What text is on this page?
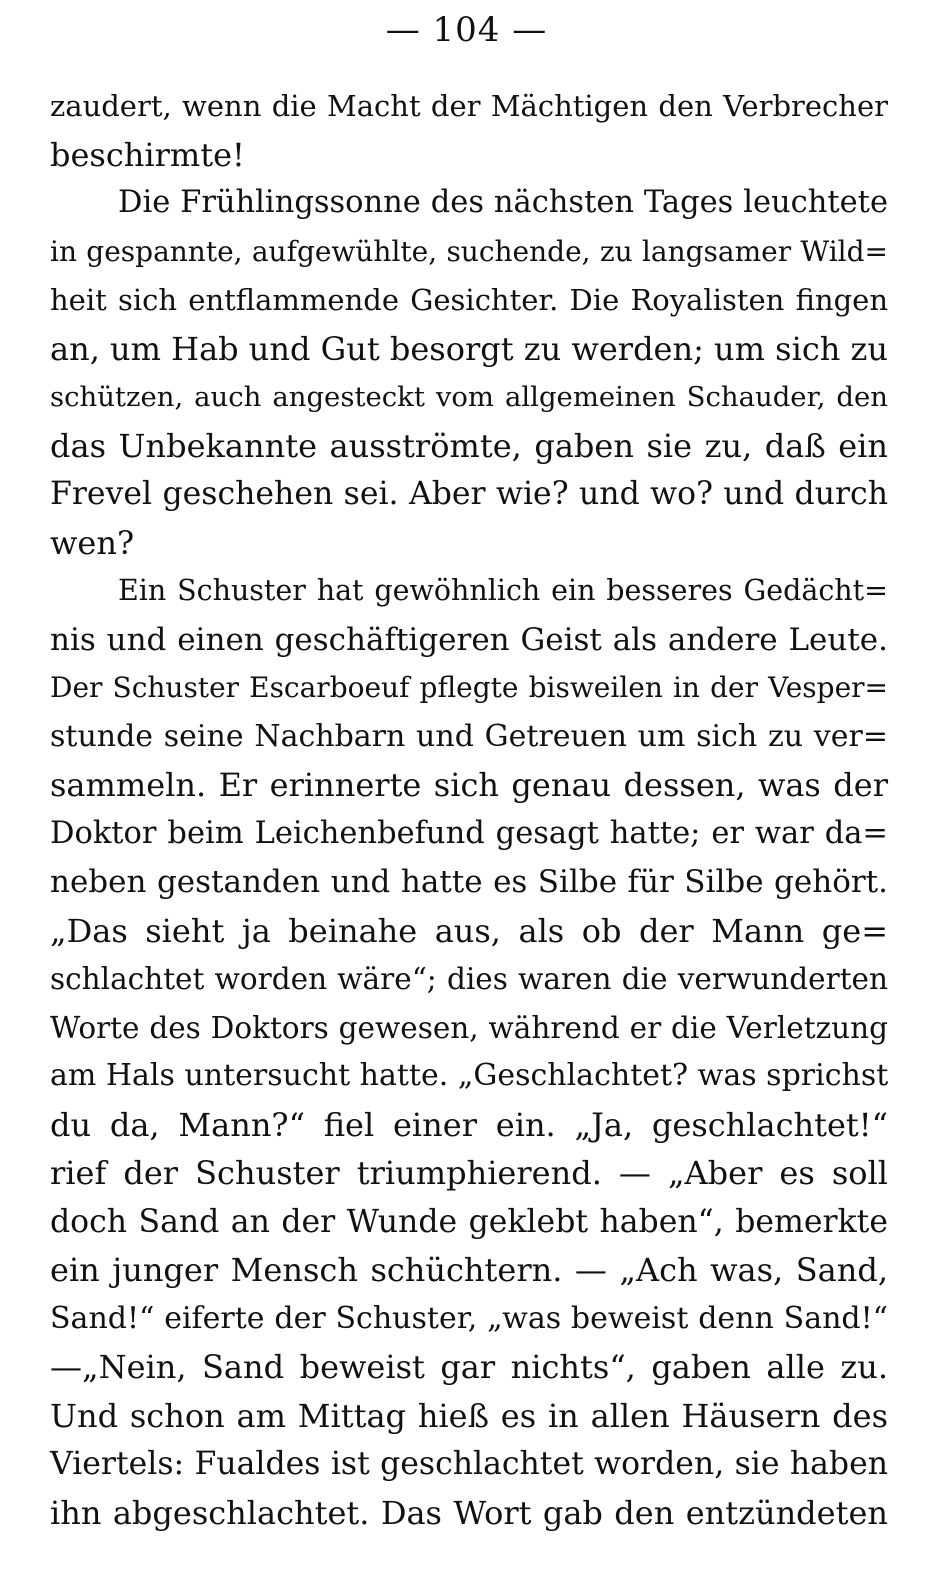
— 104 —
zaudert, wenn die Macht der Mächtigen den Verbrecher
beschirmte!
Die Frühlingssonne des nächsten Tages leuchtete
in gespannte, aufgewühlte, suchende, zu langsamer Wild=
heit sich entflammende Gesichter. Die Royalisten fingen
an, um Hab und Gut besorgt zu werden; um sich zu
schützen, auch angesteckt vom allgemeinen Schauder, den
das Unbekannte ausströmte, gaben sie zu, daß ein
Frevel geschehen sei. Aber wie? und wo? und durch
wen?
Ein Schuster hat gewöhnlich ein besseres Gedächt=
nis und einen geschäftigeren Geist als andere Leute.
Der Schuster Escarboeuf pflegte bisweilen in der Vesper=
stunde seine Nachbarn und Getreuen um sich zu ver=
sammeln. Er erinnerte sich genau dessen, was der
Doktor beim Leichenbefund gesagt hatte; er war da=
neben gestanden und hatte es Silbe für Silbe gehört.
„Das sieht ja beinahe aus, als ob der Mann ge=
schlachtet worden wäre“; dies waren die verwunderten
Worte des Doktors gewesen, während er die Verletzung
am Hals untersucht hatte. „Geschlachtet? was sprichst
du da, Mann?“ fiel einer ein. „Ja, geschlachtet!“
rief der Schuster triumphierend. — „Aber es soll
doch Sand an der Wunde geklebt haben“, bemerkte
ein junger Mensch schüchtern. — „Ach was, Sand,
Sand!“ eiferte der Schuster, „was beweist denn Sand!“
—„Nein, Sand beweist gar nichts“, gaben alle zu.
Und schon am Mittag hieß es in allen Häusern des
Viertels: Fualdes ist geschlachtet worden, sie haben
ihn abgeschlachtet. Das Wort gab den entzündeten
